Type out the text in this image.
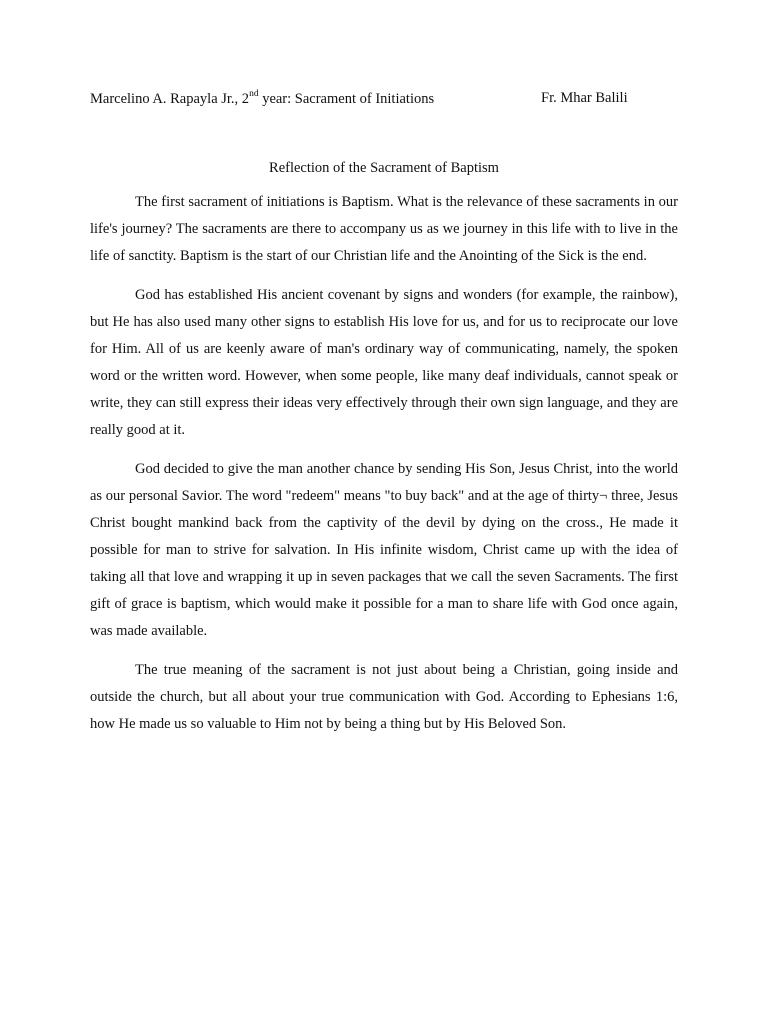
Marcelino A. Rapayla Jr., 2nd year: Sacrament of Initiations	Fr. Mhar Balili
Reflection of the Sacrament of Baptism

The first sacrament of initiations is Baptism. What is the relevance of these sacraments in our life's journey? The sacraments are there to accompany us as we journey in this life with to live in the life of sanctity. Baptism is the start of our Christian life and the Anointing of the Sick is the end.

God has established His ancient covenant by signs and wonders (for example, the rainbow), but He has also used many other signs to establish His love for us, and for us to reciprocate our love for Him. All of us are keenly aware of man's ordinary way of communicating, namely, the spoken word or the written word. However, when some people, like many deaf individuals, cannot speak or write, they can still express their ideas very effectively through their own sign language, and they are really good at it.

God decided to give the man another chance by sending His Son, Jesus Christ, into the world as our personal Savior. The word "redeem" means "to buy back" and at the age of thirty¬ three, Jesus Christ bought mankind back from the captivity of the devil by dying on the cross., He made it possible for man to strive for salvation. In His infinite wisdom, Christ came up with the idea of taking all that love and wrapping it up in seven packages that we call the seven Sacraments. The first gift of grace is baptism, which would make it possible for a man to share life with God once again, was made available.

The true meaning of the sacrament is not just about being a Christian, going inside and outside the church, but all about your true communication with God. According to Ephesians 1:6, how He made us so valuable to Him not by being a thing but by His Beloved Son.
